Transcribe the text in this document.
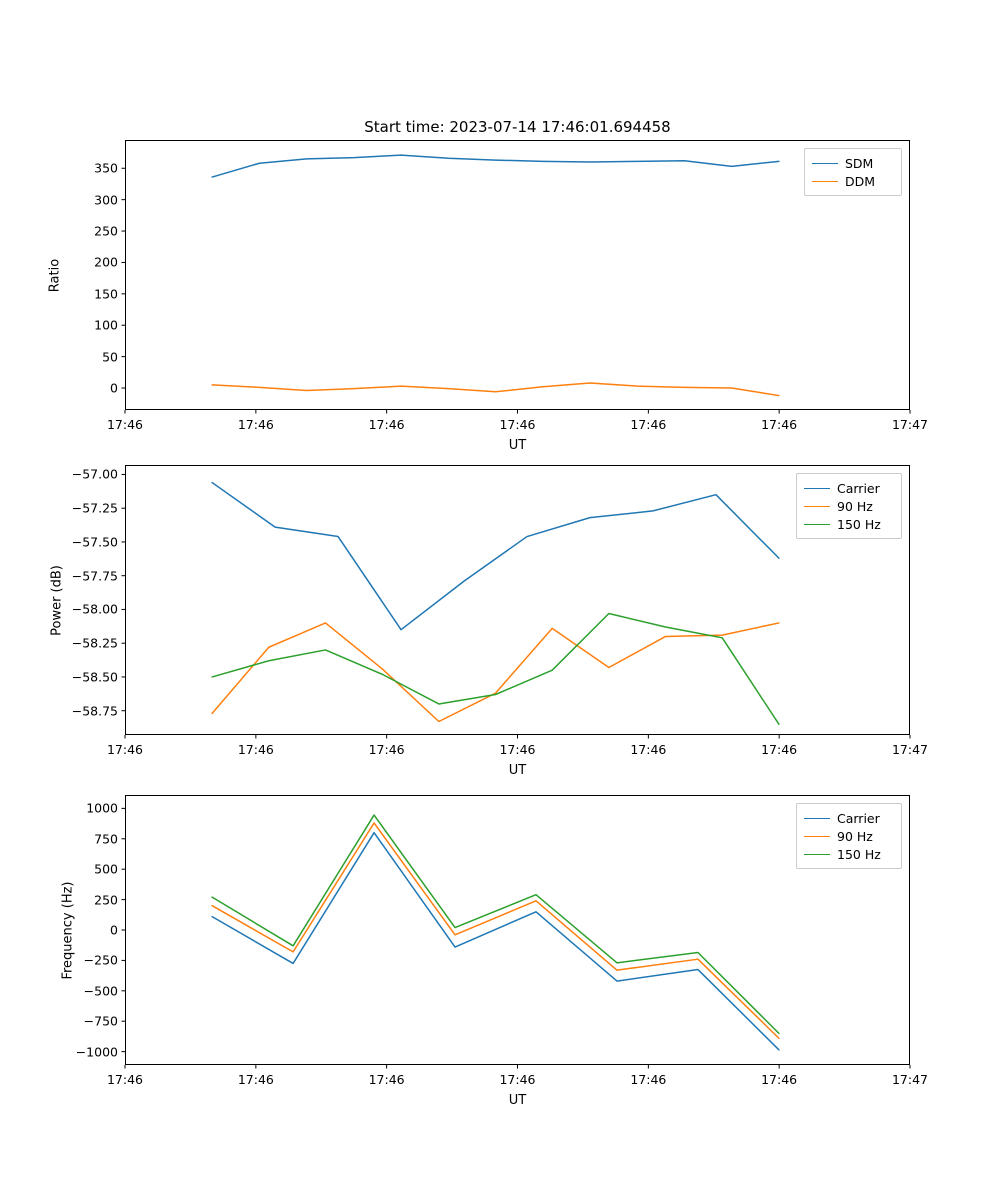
Start time: 2023-07-14 17:46:01.694458
Ratio
UT
SDM
DDM
17:46	17:46	17:46	17:46	17:46	17:46	17:47
0
50
100
150
200
250
300
350
Power (dB)
UT
Carrier
90 Hz
150 Hz
17:46	17:46	17:46	17:46	17:46	17:46	17:47
−58.75
−58.50
−58.25
−58.00
−57.75
−57.50
−57.25
−57.00
Frequency (Hz)
UT
Carrier
90 Hz
150 Hz
17:46	17:46	17:46	17:46	17:46	17:46	17:47
−1000
−750
−500
−250
0
250
500
750
1000
